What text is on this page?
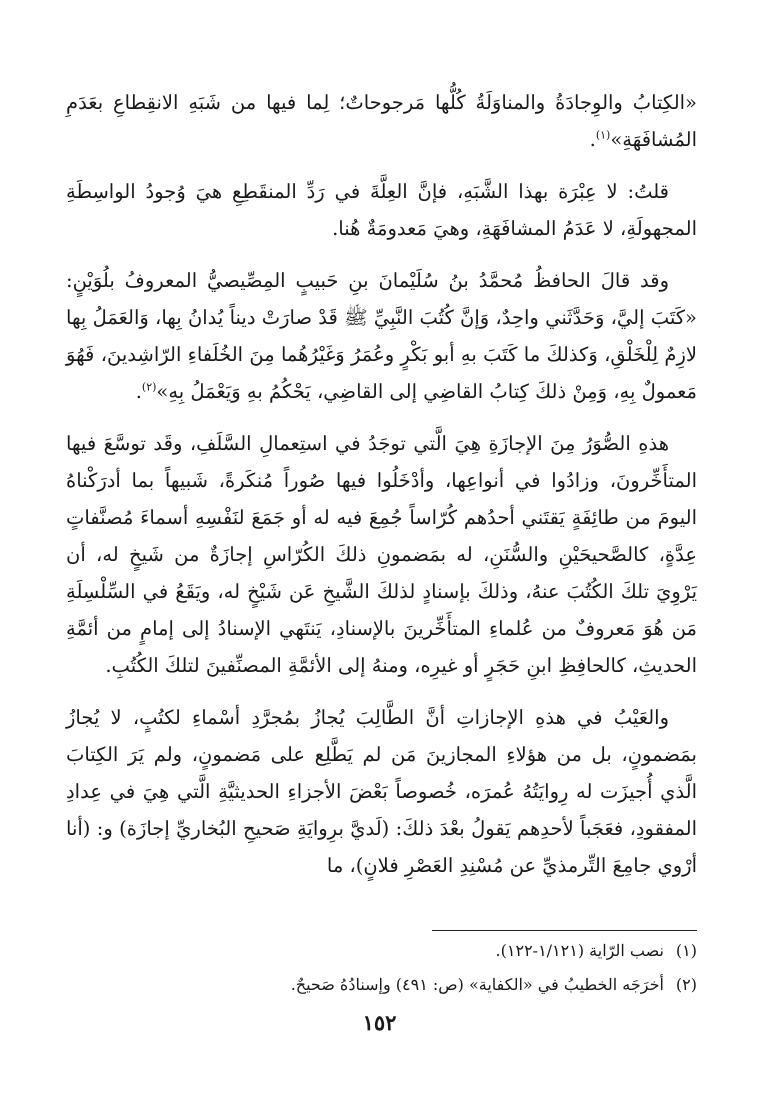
«الكِتابُ والوِجادَةُ والمناوَلَةُ كُلُّها مَرجوحاتٌ؛ لِما فيها من شَبَهِ الانقِطاعِ بعَدَمِ المُشافَهَةِ»$^{(١)}$.

قلتُ: لا عِبْرَة بهذا الشَّبَهِ، فإنَّ العِلَّةَ في رَدِّ المنقَطِعِ هيَ وُجودُ الواسِطَةِ المجهولَةِ، لا عَدَمُ المشافَهَةِ، وهيَ مَعدومَةٌ هُنا.

وقد قالَ الحافظُ مُحمَّدُ بنُ سُلَيْمانَ بنِ حَبيبٍ المِصِّيصيُّ المعروفُ بلُوَيْنٍ: «كَتَبَ إليَّ، وَحَدَّثَني واحِدٌ، وَإنَّ كُتُبَ النَّبِيِّ ﷺ قَدْ صارَتْ ديناً يُدانُ بِها، وَالعَمَلُ بِها لازِمٌ لِلْخَلْقِ، وَكذلكَ ما كَتَبَ بهِ أبو بَكْرٍ وعُمَرُ وَغَيْرُهُما مِنَ الخُلَفاءِ الرّاشِدينَ، فَهُوَ مَعمولٌ بِهِ، وَمِنْ ذلكَ كِتابُ القاضِي إلى القاضِي، يَحْكُمُ بهِ وَيَعْمَلُ بِهِ»$^{(٢)}$.

هذهِ الصُّوَرُ مِنَ الإجازَةِ هِيَ الَّتي توجَدُ في استِعمالِ السَّلَفِ، وقَد توسَّعَ فيها المتأَخِّرونَ، وزادُوا في أنواعِها، وأدْخَلُوا فيها صُوراً مُنكَرةً، شَبيهاً بما أدرَكْناهُ اليومَ من طائِفَةٍ يَقتَني أحدُهم كُرّاساً جُمِعَ فيه له أو جَمَعَ لنَفْسِهِ أسماءَ مُصنَّفاتٍ عِدَّةٍ، كالصَّحيحَيْنِ والسُّنَنِ، له بمَضمونِ ذلكَ الكُرّاسِ إجازَةٌ من شَيخٍ له، أن يَرْوِيَ تلكَ الكُتُبَ عنهُ، وذلكَ بإسنادٍ لذلكَ الشَّيخِ عَن شَيْخٍ له، ويَقَعُ في السِّلْسِلَةِ مَن هُوَ مَعروفٌ من عُلماءِ المتأَخِّرينَ بالإسنادِ، يَنتَهي الإسنادُ إلى إمامٍ من أئمَّةِ الحديثِ، كالحافِظِ ابنِ حَجَرٍ أو غيرِه، ومنهُ إلى الأئمَّةِ المصنِّفينَ لتلكَ الكُتُبِ.

والعَيْبُ في هذهِ الإجازاتِ أنَّ الطَّالِبَ يُجازُ بمُجرَّدِ أسْماءِ لكتُبٍ، لا يُجازُ بمَضمونٍ، بل من هؤلاءِ المجازينَ مَن لم يَطَّلِع على مَضمونٍ، ولم يَرَ الكِتابَ الَّذي أُجيزَت له رِوايَتُهُ عُمرَه، خُصوصاً بَعْضَ الأجزاءِ الحديثيَّةِ الَّتي هِيَ في عِدادِ المفقودِ، فعَجَباً لأحدِهم يَقولُ بعْدَ ذلكَ: (لَديَّ برِوايَةِ صَحيحِ البُخاريِّ إجازَة) و: (أنا أرْوي جامِعَ التِّرمذيِّ عن مُسْنِدِ العَصْرِ فلانٍ)، ما

(١)نصب الرّاية (١/١٢١-١٢٢).

(٢)أخرَجَه الخطيبُ في «الكفاية» (ص: ٤٩١) وإسنادُهُ صَحيحٌ.

١٥٢
